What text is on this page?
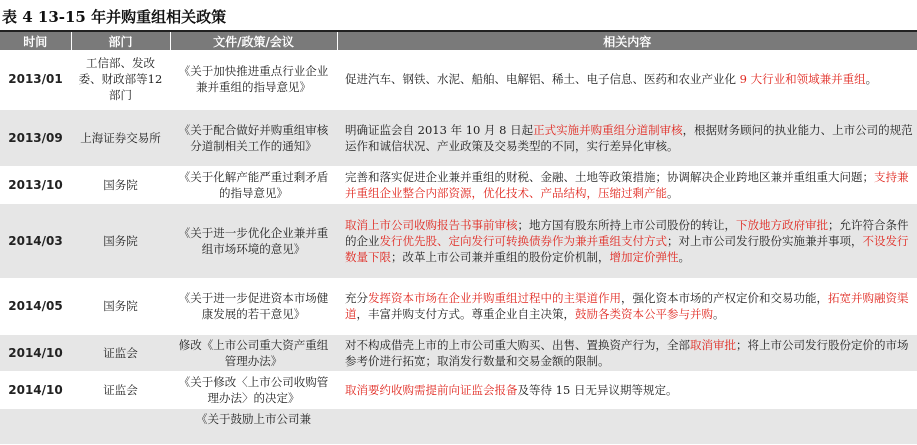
表 4 13-15 年并购重组相关政策
时间	部门	文件/政策/会议	相关内容
2013/01	工信部、发改委、财政部等12部门	《关于加快推进重点行业企业兼并重组的指导意见》	促进汽车、钢铁、水泥、船舶、电解铝、稀土、电子信息、医药和农业产业化 9 大行业和领域兼并重组。
2013/09	上海证券交易所	《关于配合做好并购重组审核分道制相关工作的通知》	明确证监会自 2013 年 10 月 8 日起正式实施并购重组分道制审核，根据财务顾问的执业能力、上市公司的规范运作和诚信状况、产业政策及交易类型的不同，实行差异化审核。
2013/10	国务院	《关于化解产能严重过剩矛盾的指导意见》	完善和落实促进企业兼并重组的财税、金融、土地等政策措施；协调解决企业跨地区兼并重组重大问题；支持兼并重组企业整合内部资源，优化技术、产品结构，压缩过剩产能。
2014/03	国务院	《关于进一步优化企业兼并重组市场环境的意见》	取消上市公司收购报告书事前审核；地方国有股东所持上市公司股份的转让，下放地方政府审批；允许符合条件的企业发行优先股、定向发行可转换债券作为兼并重组支付方式；对上市公司发行股份实施兼并事项，不设发行数量下限；改革上市公司兼并重组的股份定价机制，增加定价弹性。
2014/05	国务院	《关于进一步促进资本市场健康发展的若干意见》	充分发挥资本市场在企业并购重组过程中的主渠道作用，强化资本市场的产权定价和交易功能，拓宽并购融资渠道，丰富并购支付方式。尊重企业自主决策，鼓励各类资本公平参与并购。
2014/10	证监会	修改《上市公司重大资产重组管理办法》	对不构成借壳上市的上市公司重大购买、出售、置换资产行为，全部取消审批；将上市公司发行股份定价的市场参考价进行拓宽；取消发行数量和交易金额的限制。
2014/10	证监会	《关于修改〈上市公司收购管理办法〉的决定》	取消要约收购需提前向证监会报备及等待 15 日无异议期等规定。
		《关于鼓励上市公司兼	
